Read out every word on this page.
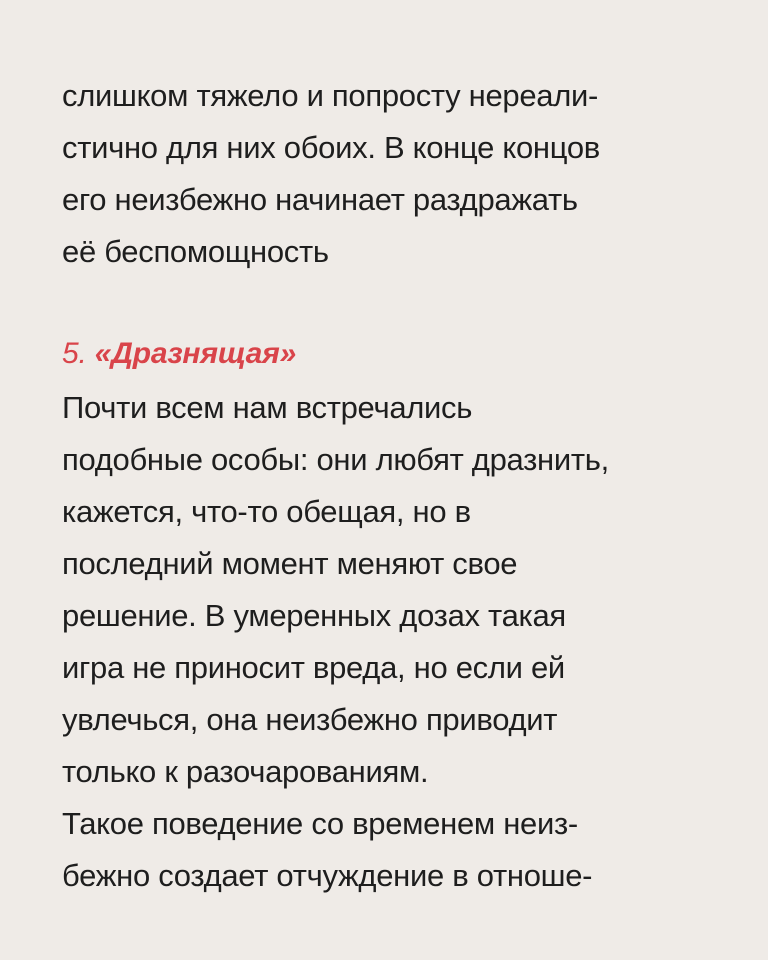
слишком тяжело и попросту нереали-
стично для них обоих. В конце концов
его неизбежно начинает раздражать
её беспомощность
5. «Дразнящая»
Почти всем нам встречались
подобные особы: они любят дразнить,
кажется, что-то обещая, но в
последний момент меняют свое
решение. В умеренных дозах такая
игра не приносит вреда, но если ей
увлечься, она неизбежно приводит
только к разочарованиям.
Такое поведение со временем неиз-
бежно создает отчуждение в отноше-
